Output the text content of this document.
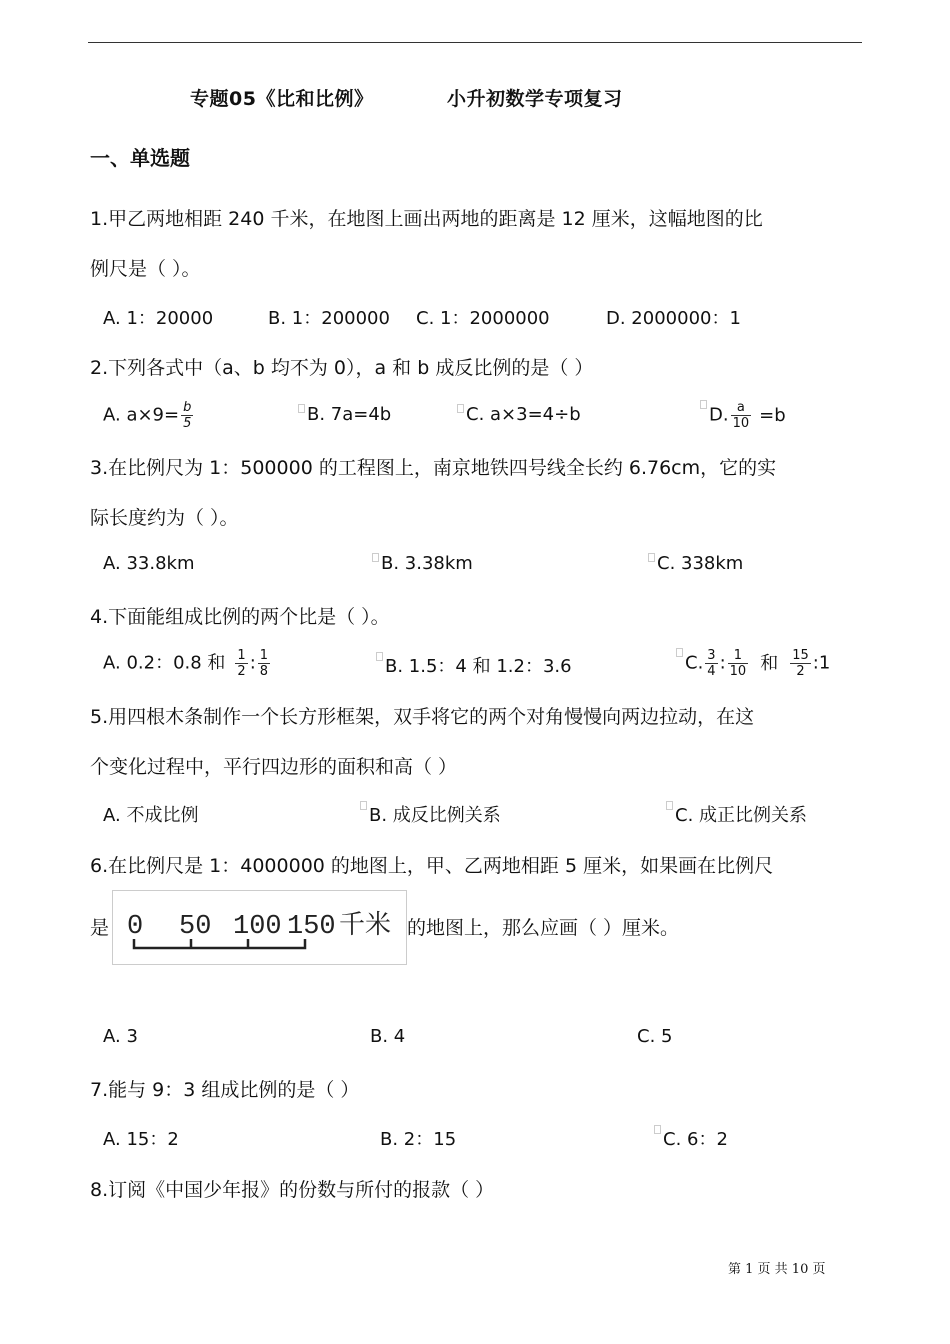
专题05《比和比例》	小升初数学专项复习
一、单选题
1.甲乙两地相距 240 千米，在地图上画出两地的距离是 12 厘米，这幅地图的比
例尺是（ ）。
A. 1：20000	B. 1：200000 C. 1：2000000	D. 2000000：1
2.下列各式中（a、b 均不为 0），a 和 b 成反比例的是（ ）
A. $a\times 9= \frac{b}{5}$	B. 7a=4b	C. a×3=4÷b	D. $\frac{a}{10} =b$
3.在比例尺为 1：500000 的工程图上，南京地铁四号线全长约 6.76cm，它的实
际长度约为（ ）。
A. 33.8km	B. 3.38km	C. 338km
4.下面能组成比例的两个比是（ ）。
A. 0.2：0.8 和 $\frac{1}{2}$ : $\frac{1}{8}$	B. 1.5：4 和 1.2：3.6	C. $\frac{3}{4}$ : $\frac{1}{10}$ 和 $\frac{15}{2}$ :1
5.用四根木条制作一个长方形框架，双手将它的两个对角慢慢向两边拉动，在这
个变化过程中，平行四边形的面积和高（ ）
A. 不成比例	B. 成反比例关系	C. 成正比例关系
6.在比例尺是 1：4000000 的地图上，甲、乙两地相距 5 厘米，如果画在比例尺
是 0 50 100 150 千米 的地图上，那么应画（ ）厘米。
A. 3	B. 4	C. 5
7.能与 9：3 组成比例的是（ ）
A. 15：2	B. 2：15	C. 6：2
8.订阅《中国少年报》的份数与所付的报款（ ）
第 1 页 共 10 页
